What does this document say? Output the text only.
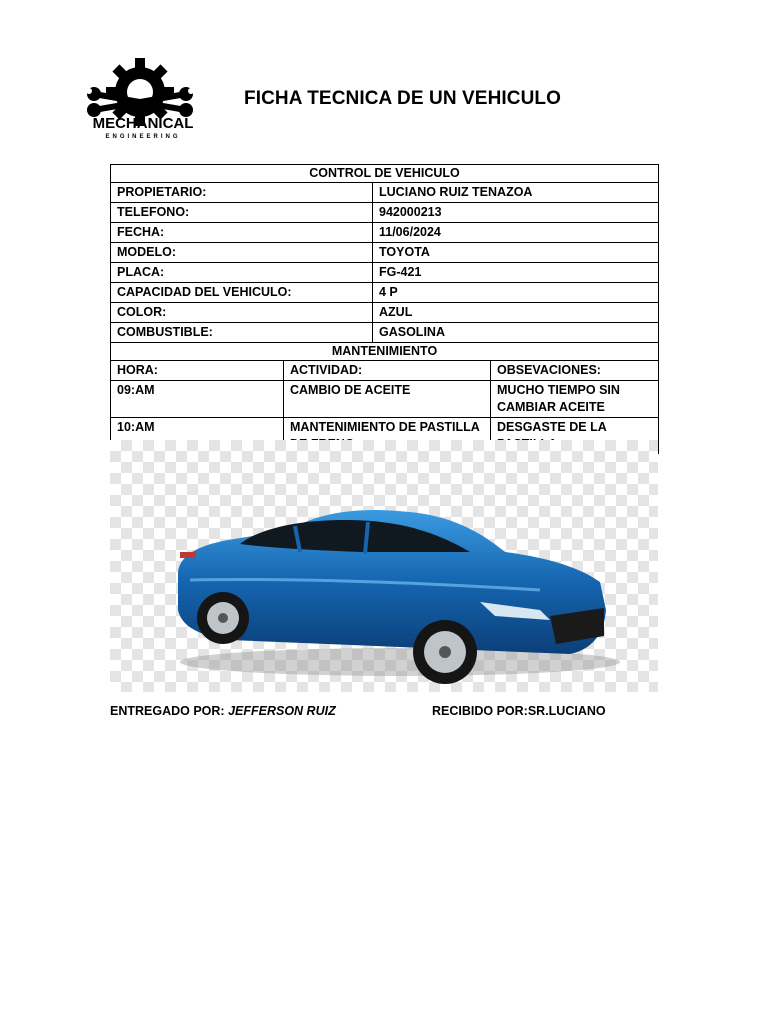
MECHANICAL
ENGINEERING
FICHA TECNICA DE UN VEHICULO
CONTROL DE VEHICULO			
PROPIETARIO:		LUCIANO RUIZ TENAZOA	
TELEFONO:		942000213	
FECHA:		11/06/2024	
MODELO:		TOYOTA	
PLACA:		FG-421	
CAPACIDAD DEL VEHICULO:		4 P	
COLOR:		AZUL	
COMBUSTIBLE:		GASOLINA	
MANTENIMIENTO			
HORA:	ACTIVIDAD:		OBSEVACIONES:
09:AM	CAMBIO DE ACEITE		MUCHO TIEMPO SIN CAMBIAR ACEITE
10:AM	MANTENIMIENTO DE PASTILLA		DESGASTE DE LA
ENTREGADO POR: JEFFERSON RUIZ	RECIBIDO POR:SR.LUCIANO
